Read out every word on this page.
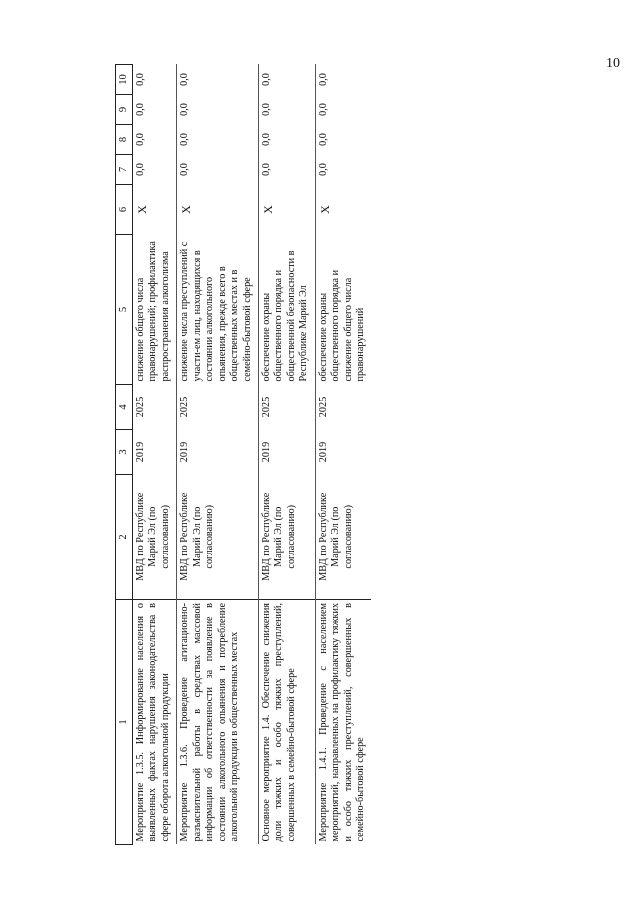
10
1	2	3	4	5	6	7	8	9	10
Мероприятие 1.3.5. Информирование населения о выявленных фактах нарушения законодательства в сфере оборота алкогольной продукции	МВД по Республике Марий Эл (по согласованию)	2019	2025	снижение общего числа правонарушений; профилактика распространения алкоголизма	Х	0,0	0,0	0,0	0,0
Мероприятие 1.3.6. Проведение агитационно-разъяснительной работы в средствах массовой информации об ответственности за появление в состоянии алкогольного опьянения и потребление алкогольной продукции в общественных местах	МВД по Республике Марий Эл (по согласованию)	2019	2025	снижение числа преступлений с участи-ем лиц, находящихся в состоянии алкогольного опьянения, прежде всего в общественных местах и в семейно-бытовой сфере	Х	0,0	0,0	0,0	0,0
Основное мероприятие 1.4. Обеспечение снижения доли тяжких и особо тяжких преступлений, совершенных в семейно-бытовой сфере	МВД по Республике Марий Эл (по согласованию)	2019	2025	обеспечение охраны общественного порядка и общественной безопасности в Республике Марий Эл	Х	0,0	0,0	0,0	0,0
Мероприятие 1.4.1. Проведение с населением мероприятий, направленных на профилактику тяжких и особо тяжких преступлений, совершенных в семейно-бытовой сфере	МВД по Республике Марий Эл (по согласованию)	2019	2025	обеспечение охраны общественного порядка и снижение общего числа правонарушений	Х	0,0	0,0	0,0	0,0
